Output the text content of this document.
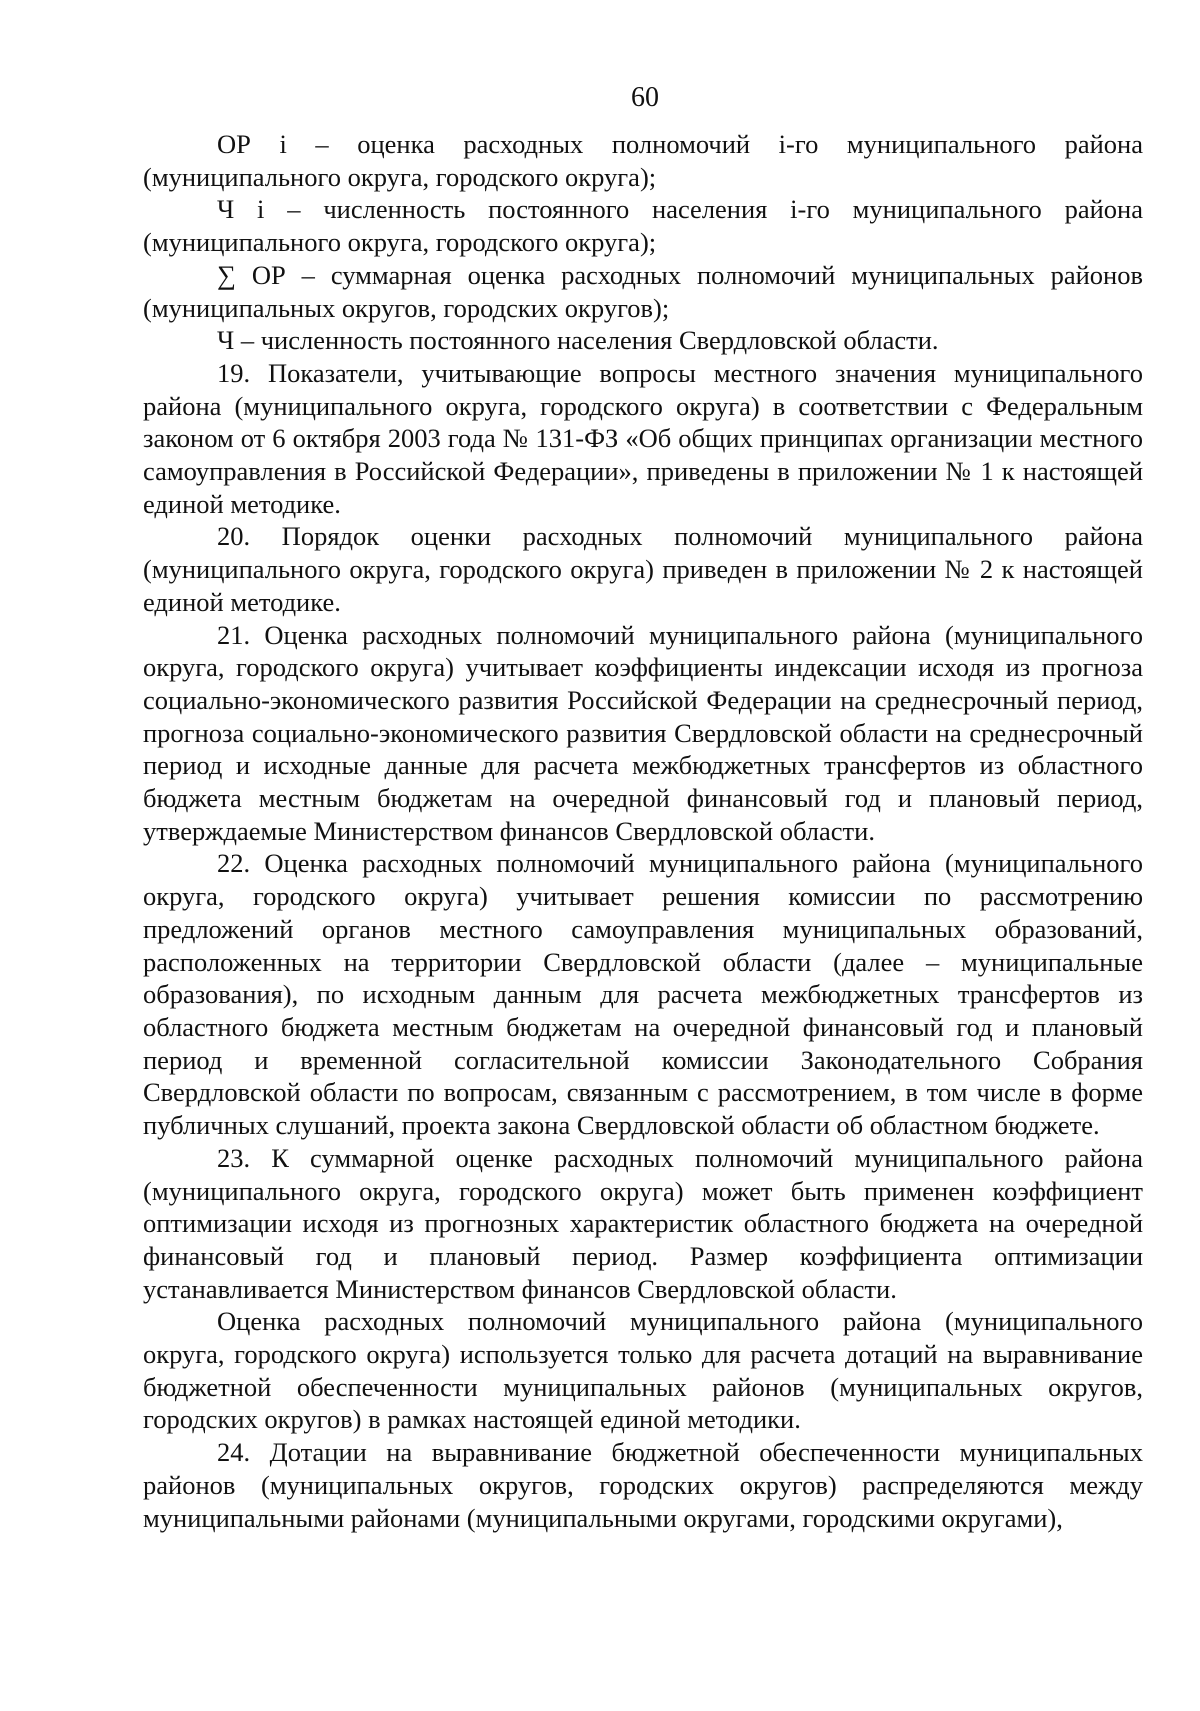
60

ОР i – оценка расходных полномочий i-го муниципального района (муниципального округа, городского округа);

Ч i – численность постоянного населения i-го муниципального района (муниципального округа, городского округа);

∑ ОР – суммарная оценка расходных полномочий муниципальных районов (муниципальных округов, городских округов);

Ч – численность постоянного населения Свердловской области.

19. Показатели, учитывающие вопросы местного значения муниципального района (муниципального округа, городского округа) в соответствии с Федеральным законом от 6 октября 2003 года № 131-ФЗ «Об общих принципах организации местного самоуправления в Российской Федерации», приведены в приложении № 1 к настоящей единой методике.

20. Порядок оценки расходных полномочий муниципального района (муниципального округа, городского округа) приведен в приложении № 2 к настоящей единой методике.

21. Оценка расходных полномочий муниципального района (муниципального округа, городского округа) учитывает коэффициенты индексации исходя из прогноза социально-экономического развития Российской Федерации на среднесрочный период, прогноза социально-экономического развития Свердловской области на среднесрочный период и исходные данные для расчета межбюджетных трансфертов из областного бюджета местным бюджетам на очередной финансовый год и плановый период, утверждаемые Министерством финансов Свердловской области.

22. Оценка расходных полномочий муниципального района (муниципального округа, городского округа) учитывает решения комиссии по рассмотрению предложений органов местного самоуправления муниципальных образований, расположенных на территории Свердловской области (далее – муниципальные образования), по исходным данным для расчета межбюджетных трансфертов из областного бюджета местным бюджетам на очередной финансовый год и плановый период и временной согласительной комиссии Законодательного Собрания Свердловской области по вопросам, связанным с рассмотрением, в том числе в форме публичных слушаний, проекта закона Свердловской области об областном бюджете.

23. К суммарной оценке расходных полномочий муниципального района (муниципального округа, городского округа) может быть применен коэффициент оптимизации исходя из прогнозных характеристик областного бюджета на очередной финансовый год и плановый период. Размер коэффициента оптимизации устанавливается Министерством финансов Свердловской области.

Оценка расходных полномочий муниципального района (муниципального округа, городского округа) используется только для расчета дотаций на выравнивание бюджетной обеспеченности муниципальных районов (муниципальных округов, городских округов) в рамках настоящей единой методики.

24. Дотации на выравнивание бюджетной обеспеченности муниципальных районов (муниципальных округов, городских округов) распределяются между муниципальными районами (муниципальными округами, городскими округами),
